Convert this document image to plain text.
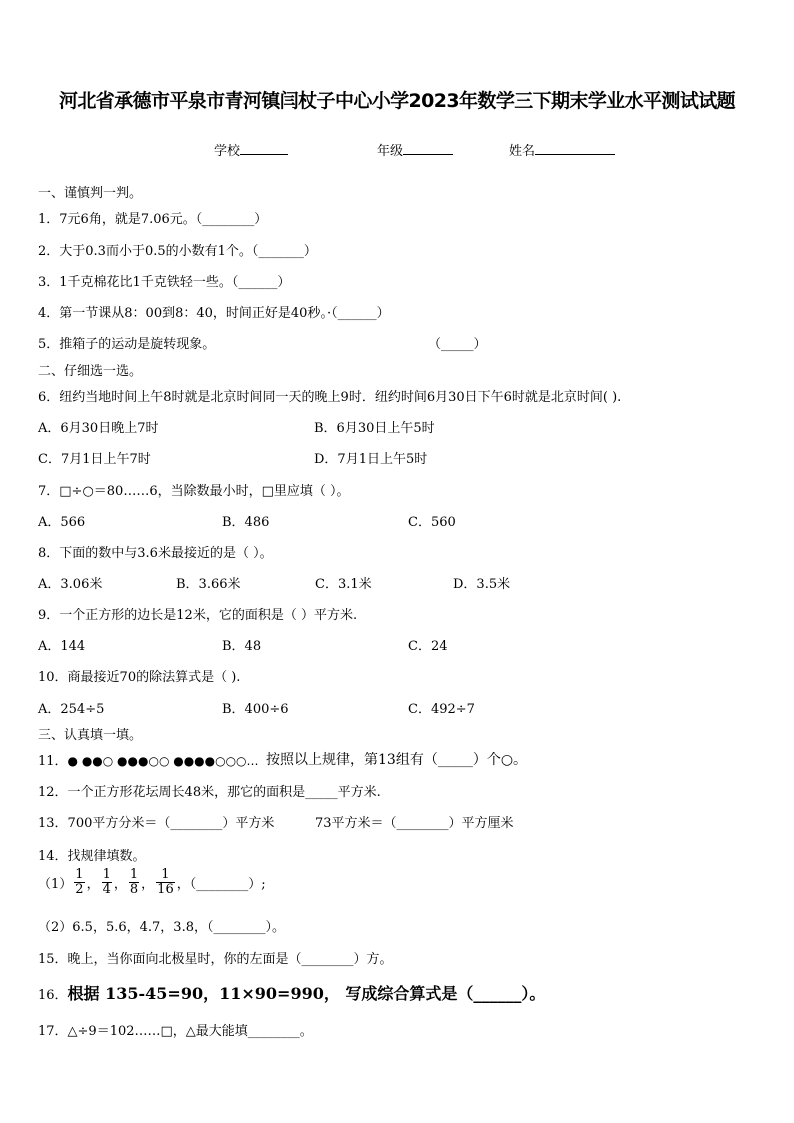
河北省承德市平泉市青河镇闫杖子中心小学2023年数学三下期末学业水平测试试题
学校	年级	姓名
一、谨慎判一判。
1．7元6角，就是7.06元。（________）
2．大于0.3而小于0.5的小数有1个。（_______）
3．1千克棉花比1千克铁轻一些。（______）
4．第一节课从8：00到8：40，时间正好是40秒。·（______）
5．推箱子的运动是旋转现象。	（_____）
二、仔细选一选。
6．纽约当地时间上午8时就是北京时间同一天的晚上9时．纽约时间6月30日下午6时就是北京时间( ).
A．6月30日晚上7时	B．6月30日上午5时
C．7月1日上午7时	D．7月1日上午5时
7．□÷○＝80……6，当除数最小时，□里应填（ ）。
A．566	B．486	C．560
8．下面的数中与3.6米最接近的是（ ）。
A．3.06米	B．3.66米	C．3.1米	D．3.5米
9．一个正方形的边长是12米，它的面积是（ ）平方米.
A．144	B．48	C．24
10．商最接近70的除法算式是（ ).
A．254÷5	B．400÷6	C．492÷7
三、认真填一填。
11．● ●●○ ●●●○○ ●●●●○○○… 按照以上规律，第13组有（_____）个○。
12．一个正方形花坛周长48米，那它的面积是_____平方米.
13．700平方分米＝（________）平方米	73平方米＝（________）平方厘米
14．找规律填数。
$(1) \frac{1}{2}$ ， $\frac{1}{4}$ ， $\frac{1}{8}$ ， $\frac{1}{16}$ ，（________）;
（2）6.5，5.6，4.7，3.8，（________）。
15．晚上，当你面向北极星时，你的左面是（________）方。
16．根据 135-45=90，11×90=990， 写成综合算式是（______）。
17．△÷9＝102……□，△最大能填________。
